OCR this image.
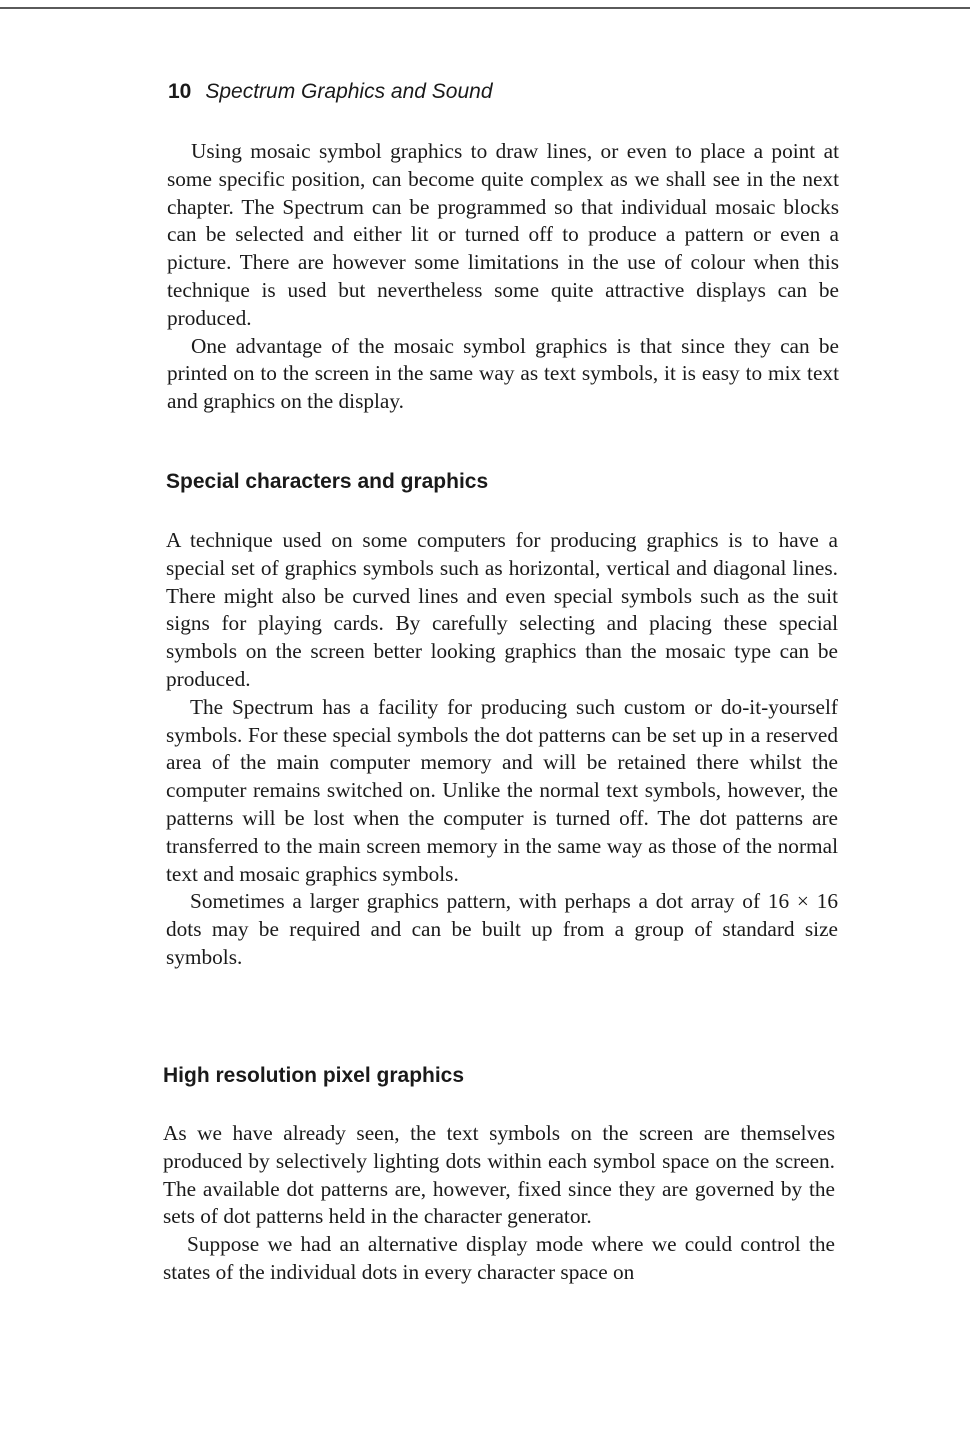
10 Spectrum Graphics and Sound

Using mosaic symbol graphics to draw lines, or even to place a point at some specific position, can become quite complex as we shall see in the next chapter. The Spectrum can be programmed so that individual mosaic blocks can be selected and either lit or turned off to produce a pattern or even a picture. There are however some limitations in the use of colour when this technique is used but nevertheless some quite attractive displays can be produced.

One advantage of the mosaic symbol graphics is that since they can be printed on to the screen in the same way as text symbols, it is easy to mix text and graphics on the display.

Special characters and graphics

A technique used on some computers for producing graphics is to have a special set of graphics symbols such as horizontal, vertical and diagonal lines. There might also be curved lines and even special symbols such as the suit signs for playing cards. By carefully selecting and placing these special symbols on the screen better looking graphics than the mosaic type can be produced.

The Spectrum has a facility for producing such custom or do-it-yourself symbols. For these special symbols the dot patterns can be set up in a reserved area of the main computer memory and will be retained there whilst the computer remains switched on. Unlike the normal text symbols, however, the patterns will be lost when the computer is turned off. The dot patterns are transferred to the main screen memory in the same way as those of the normal text and mosaic graphics symbols.

Sometimes a larger graphics pattern, with perhaps a dot array of 16 × 16 dots may be required and can be built up from a group of standard size symbols.

High resolution pixel graphics

As we have already seen, the text symbols on the screen are themselves produced by selectively lighting dots within each symbol space on the screen. The available dot patterns are, however, fixed since they are governed by the sets of dot patterns held in the character generator.

Suppose we had an alternative display mode where we could control the states of the individual dots in every character space on
